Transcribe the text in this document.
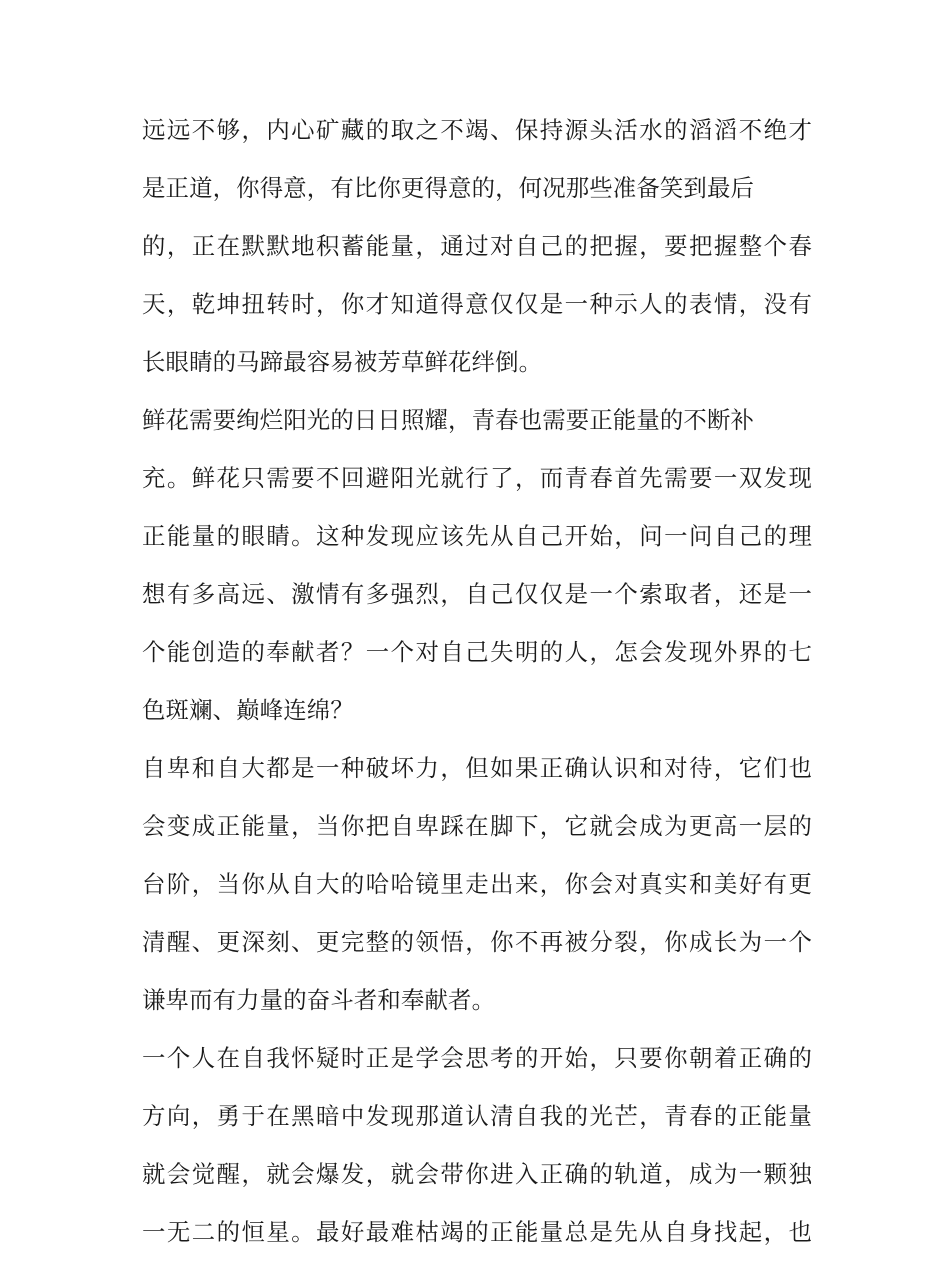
远远不够，内心矿藏的取之不竭、保持源头活水的滔滔不绝才
是正道，你得意，有比你更得意的，何况那些准备笑到最后
的，正在默默地积蓄能量，通过对自己的把握，要把握整个春
天，乾坤扭转时，你才知道得意仅仅是一种示人的表情，没有
长眼睛的马蹄最容易被芳草鲜花绊倒。
鲜花需要绚烂阳光的日日照耀，青春也需要正能量的不断补
充。鲜花只需要不回避阳光就行了，而青春首先需要一双发现
正能量的眼睛。这种发现应该先从自己开始，问一问自己的理
想有多高远、激情有多强烈，自己仅仅是一个索取者，还是一
个能创造的奉献者？一个对自己失明的人，怎会发现外界的七
色斑斓、巅峰连绵？
自卑和自大都是一种破坏力，但如果正确认识和对待，它们也
会变成正能量，当你把自卑踩在脚下，它就会成为更高一层的
台阶，当你从自大的哈哈镜里走出来，你会对真实和美好有更
清醒、更深刻、更完整的领悟，你不再被分裂，你成长为一个
谦卑而有力量的奋斗者和奉献者。
一个人在自我怀疑时正是学会思考的开始，只要你朝着正确的
方向，勇于在黑暗中发现那道认清自我的光芒，青春的正能量
就会觉醒，就会爆发，就会带你进入正确的轨道，成为一颗独
一无二的恒星。最好最难枯竭的正能量总是先从自身找起，也
